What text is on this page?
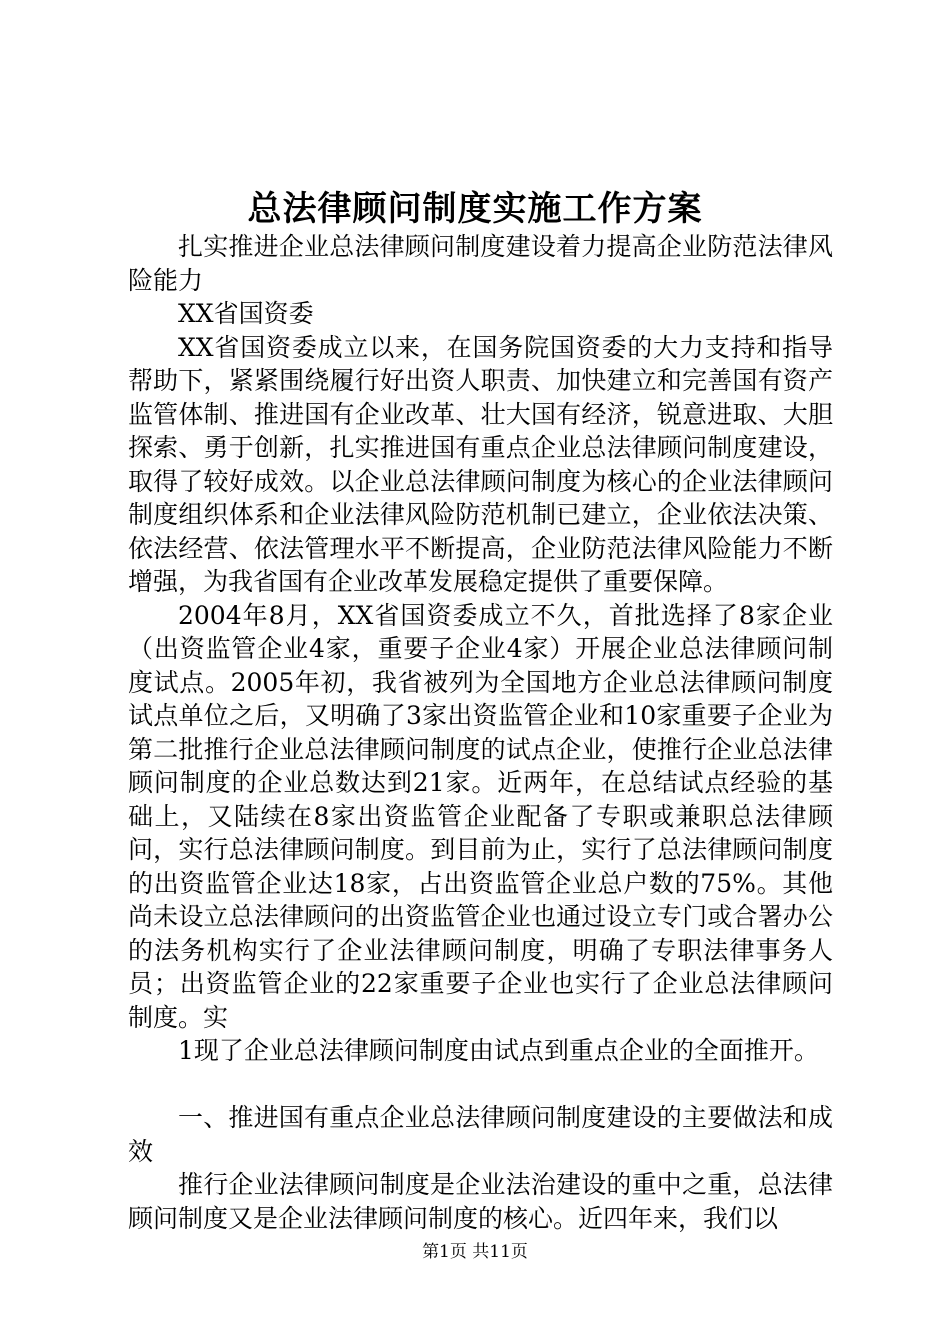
总法律顾问制度实施工作方案

扎实推进企业总法律顾问制度建设着力提高企业防范法律风险能力

XX省国资委

XX省国资委成立以来，在国务院国资委的大力支持和指导帮助下，紧紧围绕履行好出资人职责、加快建立和完善国有资产监管体制、推进国有企业改革、壮大国有经济，锐意进取、大胆探索、勇于创新，扎实推进国有重点企业总法律顾问制度建设，取得了较好成效。以企业总法律顾问制度为核心的企业法律顾问制度组织体系和企业法律风险防范机制已建立，企业依法决策、依法经营、依法管理水平不断提高，企业防范法律风险能力不断增强，为我省国有企业改革发展稳定提供了重要保障。

2004年8月，XX省国资委成立不久，首批选择了8家企业（出资监管企业4家，重要子企业4家）开展企业总法律顾问制度试点。2005年初，我省被列为全国地方企业总法律顾问制度试点单位之后，又明确了3家出资监管企业和10家重要子企业为第二批推行企业总法律顾问制度的试点企业，使推行企业总法律顾问制度的企业总数达到21家。近两年，在总结试点经验的基础上，又陆续在8家出资监管企业配备了专职或兼职总法律顾问，实行总法律顾问制度。到目前为止，实行了总法律顾问制度的出资监管企业达18家，占出资监管企业总户数的75%。其他尚未设立总法律顾问的出资监管企业也通过设立专门或合署办公的法务机构实行了企业法律顾问制度，明确了专职法律事务人员；出资监管企业的22家重要子企业也实行了企业总法律顾问制度。实

1现了企业总法律顾问制度由试点到重点企业的全面推开。

一、推进国有重点企业总法律顾问制度建设的主要做法和成效

推行企业法律顾问制度是企业法治建设的重中之重，总法律顾问制度又是企业法律顾问制度的核心。近四年来，我们以

第1页 共11页
